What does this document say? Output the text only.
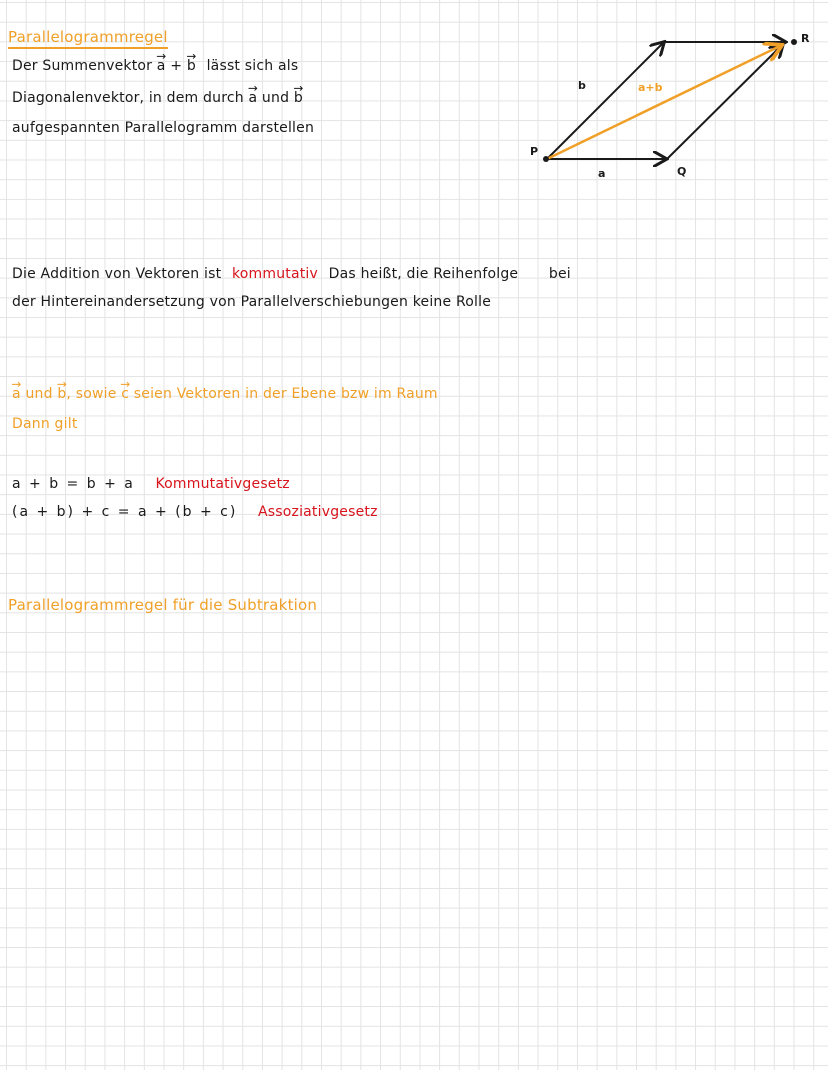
Parallelogrammregel
Der Summenvektor → a + → b lässt sich als
Diagonalenvektor, in dem durch → a und → b
aufgespannten Parallelogramm darstellen
P
Q
R
a
b	a+b
Die Addition von Vektoren ist kommutativ Das heißt, die Reihenfolge bei
der Hintereinandersetzung von Parallelverschiebungen keine Rolle
→ a und → b, sowie → c seien Vektoren in der Ebene bzw im Raum
Dann gilt
a + b = b + a Kommutativgesetz
(a + b) + c = a + (b + c) Assoziativgesetz
Parallelogrammregel für die Subtraktion
